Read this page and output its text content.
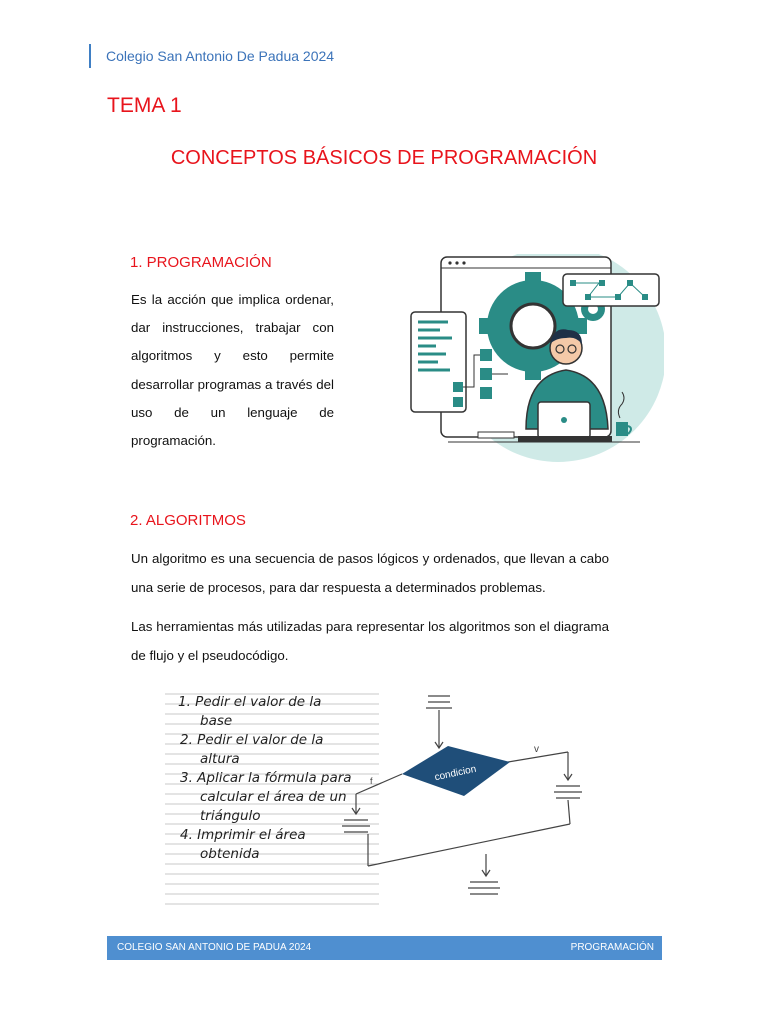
Colegio San Antonio De Padua 2024
TEMA 1
CONCEPTOS BÁSICOS DE PROGRAMACIÓN
1. PROGRAMACIÓN
Es la acción que implica ordenar, dar instrucciones, trabajar con algoritmos y esto permite desarrollar programas a través del uso de un lenguaje de programación.
2. ALGORITMOS
Un algoritmo es una secuencia de pasos lógicos y ordenados, que llevan a cabo una serie de procesos, para dar respuesta a determinados problemas.
Las herramientas más utilizadas para representar los algoritmos son el diagrama de flujo y el pseudocódigo.
1. Pedir el valor de la
base
2. Pedir el valor de la
altura
3. Aplicar la fórmula para
calcular el área de un
triángulo
4. Imprimir el área
obtenida
condicion
v
f
COLEGIO SAN ANTONIO DE PADUA 2024	PROGRAMACIÓN
